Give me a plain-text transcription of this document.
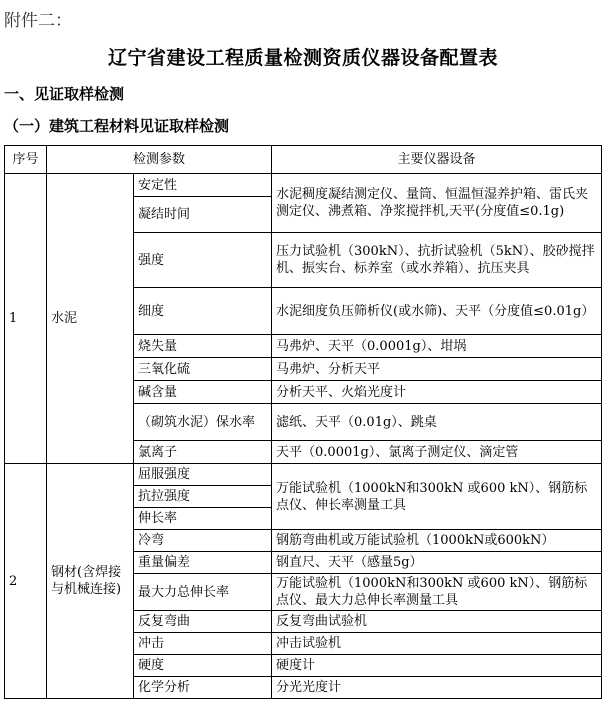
附件二：
辽宁省建设工程质量检测资质仪器设备配置表
一、见证取样检测
（一）建筑工程材料见证取样检测
序号	检测参数		主要仪器设备
1	水泥	安定性	水泥稠度凝结测定仪、量筒、恒温恒湿养护箱、雷氏夹测定仪、沸煮箱、净浆搅拌机,天平(分度值≤0.1g)
		凝结时间	
		强度	压力试验机（300kN）、抗折试验机（5kN）、胶砂搅拌机、振实台、标养室（或水养箱）、抗压夹具
		细度	水泥细度负压筛析仪(或水筛)、天平（分度值≤0.01g）
		烧失量	马弗炉、天平（0.0001g）、坩埚
		三氧化硫	马弗炉、分析天平
		碱含量	分析天平、火焰光度计
		（砌筑水泥）保水率	滤纸、天平（0.01g）、跳桌
		氯离子	天平（0.0001g）、氯离子测定仪、滴定管
2	钢材(含焊接与机械连接)	屈服强度	万能试验机（1000kN和300kN 或600 kN）、钢筋标点仪、伸长率测量工具
		抗拉强度	
		伸长率	
		冷弯	钢筋弯曲机或万能试验机（1000kN或600kN）
		重量偏差	钢直尺、天平（感量5g）
		最大力总伸长率	万能试验机（1000kN和300kN 或600 kN）、钢筋标点仪、最大力总伸长率测量工具
		反复弯曲	反复弯曲试验机
		冲击	冲击试验机
		硬度	硬度计
		化学分析	分光光度计
